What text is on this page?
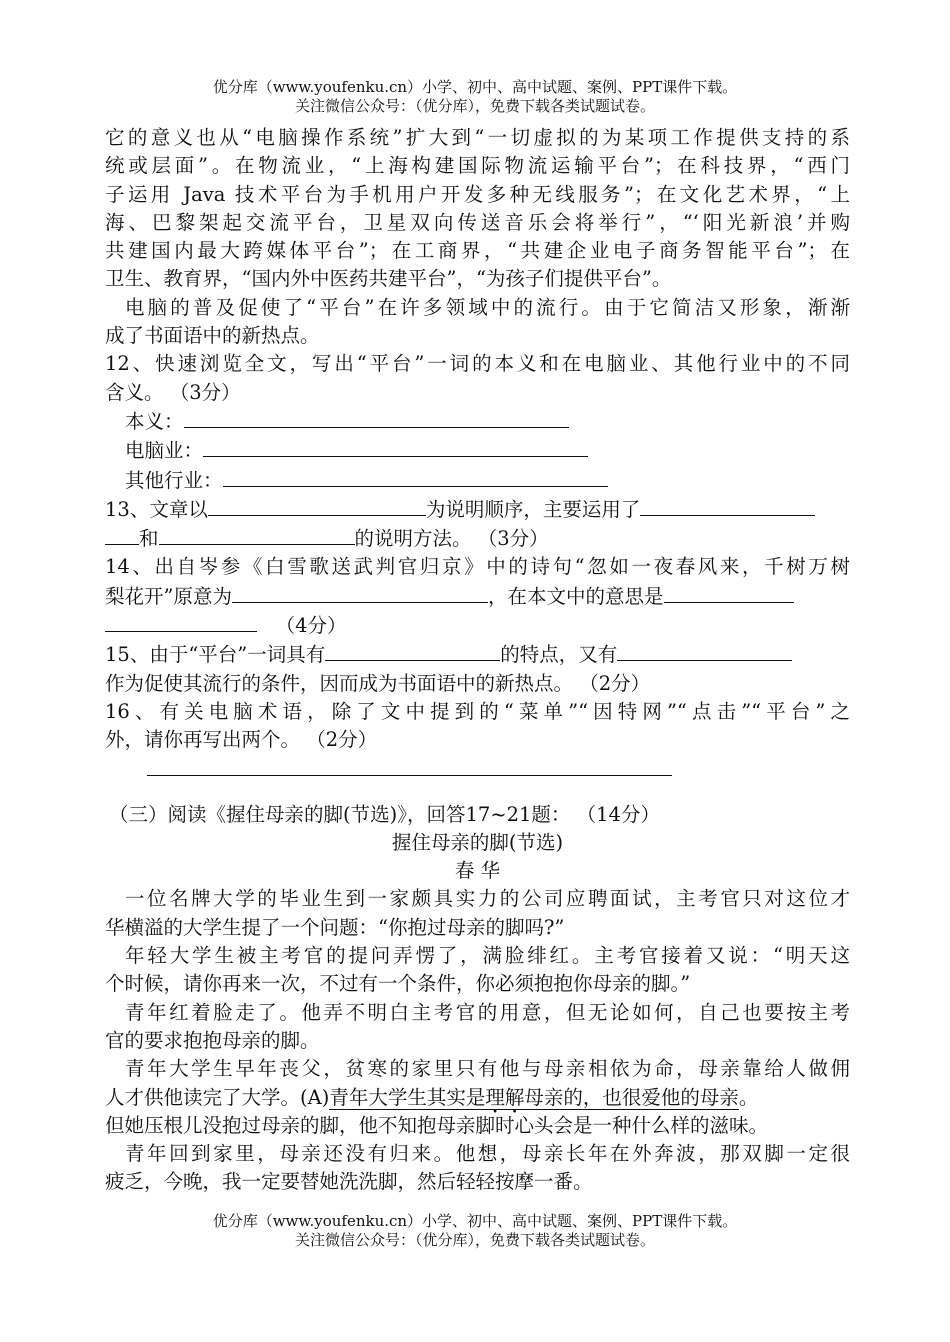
优分库（www.youfenku.cn）小学、初中、高中试题、案例、PPT课件下载。
关注微信公众号：（优分库），免费下载各类试题试卷。

它的意义也从“电脑操作系统”扩大到“一切虚拟的为某项工作提供支持的系

统或层面”。在物流业，“上海构建国际物流运输平台”；在科技界，“西门

子运用 Java 技术平台为手机用户开发多种无线服务”；在文化艺术界，“上

海、巴黎架起交流平台，卫星双向传送音乐会将举行”，“‘阳光新浪’并购

共建国内最大跨媒体平台”；在工商界，“共建企业电子商务智能平台”；在

卫生、教育界，“国内外中医药共建平台”，“为孩子们提供平台”。

电脑的普及促使了“平台”在许多领域中的流行。由于它简洁又形象，渐渐

成了书面语中的新热点。

12、快速浏览全文，写出“平台”一词的本义和在电脑业、其他行业中的不同

含义。 （3分）

本义：

电脑业：

其他行业：

13、文章以	为说明顺序，主要运用了

和	的说明方法。 （3分）

14、出自岑参《白雪歌送武判官归京》中的诗句“忽如一夜春风来，千树万树

梨花开”原意为	，在本文中的意思是

（4分）

15、由于“平台”一词具有	的特点，又有

作为促使其流行的条件，因而成为书面语中的新热点。 （2分）

16、有关电脑术语，除了文中提到的“菜单”“因特网”“点击”“平台”之

外，请你再写出两个。 （2分）

（三）阅读《握住母亲的脚(节选)》，回答17~21题： （14分）

握住母亲的脚(节选)

春 华

一位名牌大学的毕业生到一家颇具实力的公司应聘面试，主考官只对这位才

华横溢的大学生提了一个问题：“你抱过母亲的脚吗?”

年轻大学生被主考官的提问弄愣了，满脸绯红。主考官接着又说：“明天这

个时候，请你再来一次，不过有一个条件，你必须抱抱你母亲的脚。”

青年红着脸走了。他弄不明白主考官的用意，但无论如何，自己也要按主考

官的要求抱抱母亲的脚。

青年大学生早年丧父，贫寒的家里只有他与母亲相依为命，母亲靠给人做佣

人才供他读完了大学。(A)青年大学生其实是理解母亲的，也很爱他的母亲。

但她压根儿没抱过母亲的脚，他不知抱母亲脚时心头会是一种什么样的滋味。

青年回到家里，母亲还没有归来。他想，母亲长年在外奔波，那双脚一定很

疲乏，今晚，我一定要替她洗洗脚，然后轻轻按摩一番。

优分库（www.youfenku.cn）小学、初中、高中试题、案例、PPT课件下载。
关注微信公众号：（优分库），免费下载各类试题试卷。
